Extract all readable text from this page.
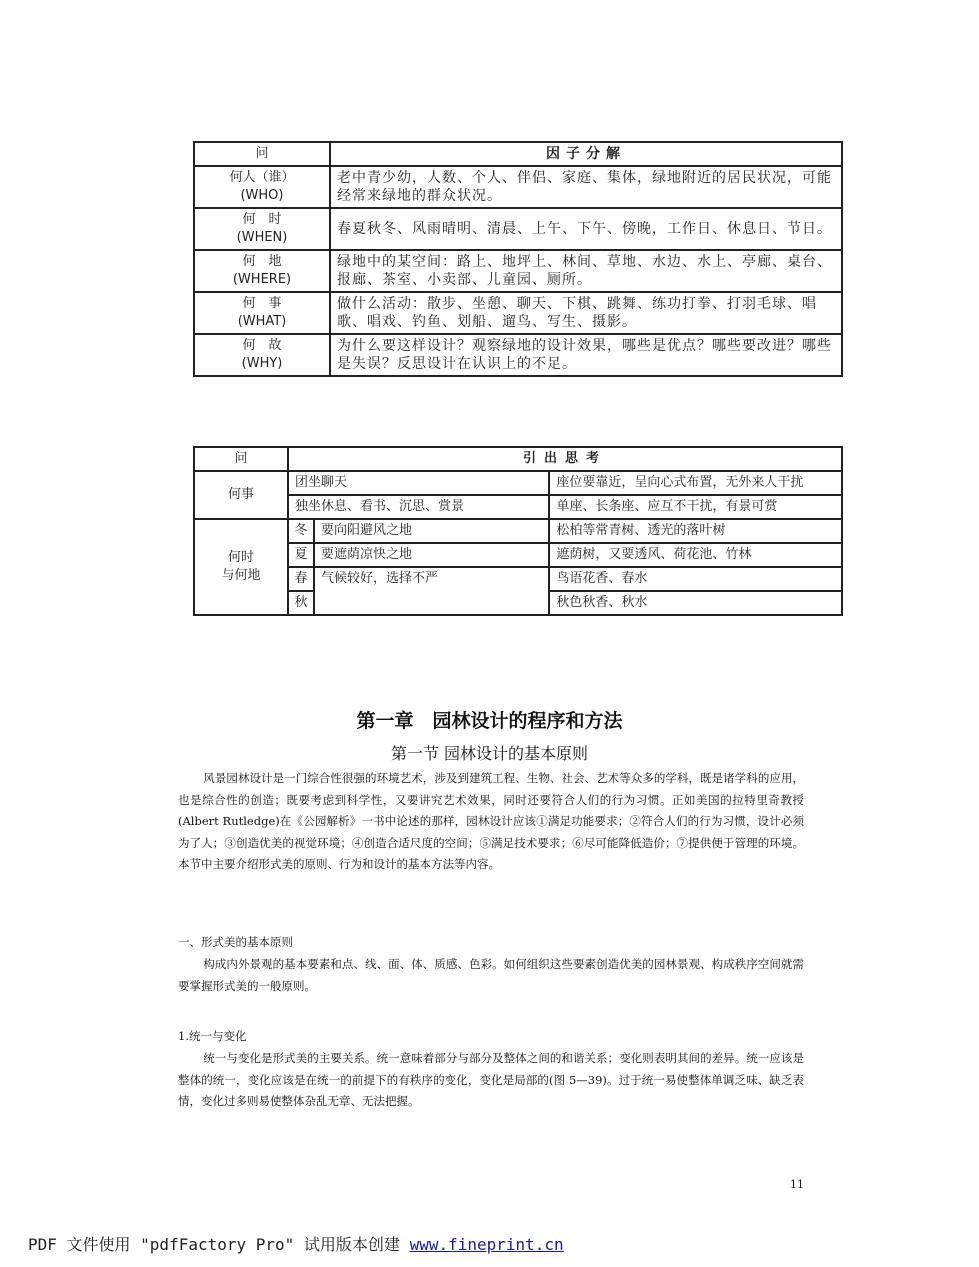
问	因子分解
何人（谁）
(WHO)	老中青少幼，人数、个人、伴侣、家庭、集体，绿地附近的居民状况，可能经常来绿地的群众状况。
何　时
(WHEN)	春夏秋冬、风雨晴明、清晨、上午、下午、傍晚，工作日、休息日、节日。
何　地
(WHERE)	绿地中的某空间：路上、地坪上、林间、草地、水边、水上、亭廊、桌台、报廊、茶室、小卖部、儿童园、厕所。
何　事
(WHAT)	做什么活动：散步、坐憩、聊天、下棋、跳舞、练功打拳、打羽毛球、唱歌、唱戏、钓鱼、划船、遛鸟、写生、摄影。
何　故
(WHY)	为什么要这样设计？观察绿地的设计效果，哪些是优点？哪些要改进？哪些是失误？反思设计在认识上的不足。
问	引出思考		
何事	团坐聊天		座位要靠近，呈向心式布置，无外来人干扰
	独坐休息、看书、沉思、赏景		单座、长条座、应互不干扰，有景可赏
何时
与何地	冬	要向阳避风之地	松柏等常青树、透光的落叶树
	夏	要遮荫凉快之地	遮荫树，又要透风、荷花池、竹林
	春	气候较好，选择不严	鸟语花香、春水
	秋		秋色秋香、秋水
第一章　园林设计的程序和方法
第一节 园林设计的基本原则
风景园林设计是一门综合性很强的环境艺术，涉及到建筑工程、生物、社会、艺术等众多的学科，既是诸学科的应用，也是综合性的创造；既要考虑到科学性，又要讲究艺术效果，同时还要符合人们的行为习惯。正如美国的拉特里奇教授(Albert Rutledge)在《公园解析》一书中论述的那样，园林设计应该①满足功能要求；②符合人们的行为习惯，设计必须为了人；③创造优美的视觉环境；④创造合适尺度的空间；⑤满足技术要求；⑥尽可能降低造价；⑦提供便于管理的环境。本节中主要介绍形式美的原则、行为和设计的基本方法等内容。
一、形式美的基本原则
构成内外景观的基本要素和点、线、面、体、质感、色彩。如何组织这些要素创造优美的园林景观、构成秩序空间就需要掌握形式美的一般原则。
1.统一与变化
统一与变化是形式美的主要关系。统一意味着部分与部分及整体之间的和谐关系；变化则表明其间的差异。统一应该是整体的统一，变化应该是在统一的前提下的有秩序的变化，变化是局部的(图 5—39)。过于统一易使整体单调乏味、缺乏表情，变化过多则易使整体杂乱无章、无法把握。
11
PDF 文件使用 "pdfFactory Pro" 试用版本创建 www.fineprint.cn
